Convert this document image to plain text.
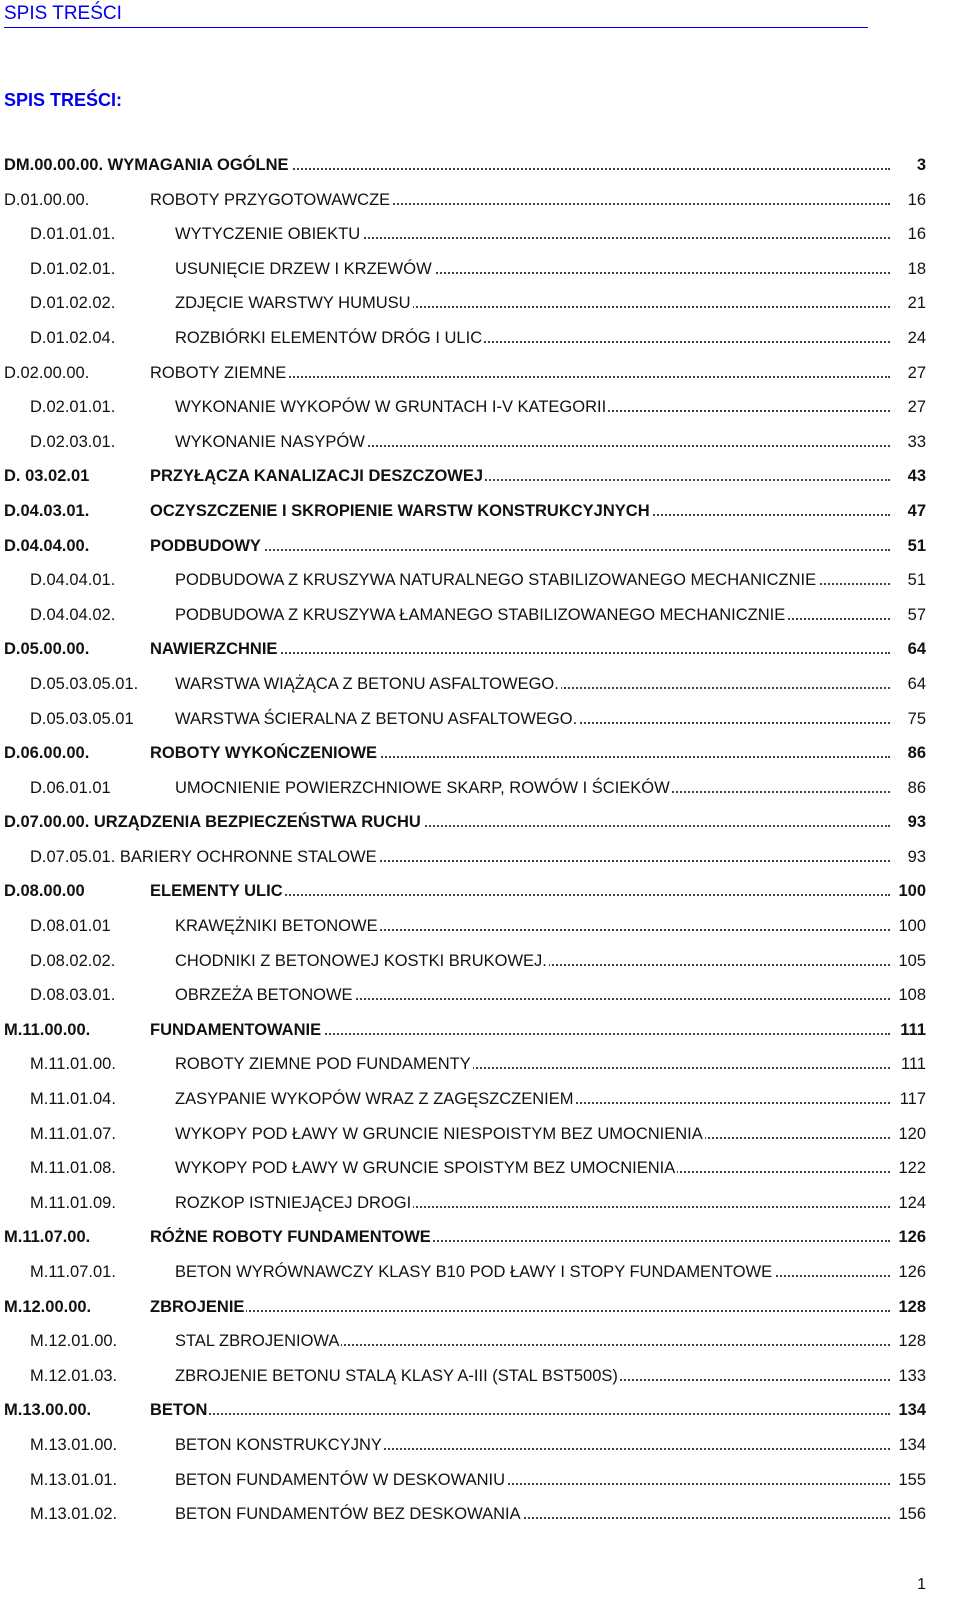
SPIS TREŚCI
SPIS TREŚCI:
DM.00.00.00. WYMAGANIA OGÓLNE	3
D.01.00.00.	ROBOTY PRZYGOTOWAWCZE	16
D.01.01.01.	WYTYCZENIE OBIEKTU	16
D.01.02.01.	USUNIĘCIE DRZEW I KRZEWÓW	18
D.01.02.02.	ZDJĘCIE WARSTWY HUMUSU	21
D.01.02.04.	ROZBIÓRKI ELEMENTÓW DRÓG I ULIC	24
D.02.00.00.	ROBOTY ZIEMNE	27
D.02.01.01.	WYKONANIE WYKOPÓW W GRUNTACH I-V KATEGORII	27
D.02.03.01.	WYKONANIE NASYPÓW	33
D. 03.02.01	PRZYŁĄCZA KANALIZACJI DESZCZOWEJ	43
D.04.03.01.	OCZYSZCZENIE I SKROPIENIE WARSTW KONSTRUKCYJNYCH	47
D.04.04.00.	PODBUDOWY	51
D.04.04.01.	PODBUDOWA Z KRUSZYWA NATURALNEGO STABILIZOWANEGO MECHANICZNIE	51
D.04.04.02.	PODBUDOWA Z KRUSZYWA ŁAMANEGO STABILIZOWANEGO MECHANICZNIE	57
D.05.00.00.	NAWIERZCHNIE	64
D.05.03.05.01. WARSTWA WIĄŻĄCA Z BETONU ASFALTOWEGO.	64
D.05.03.05.01	WARSTWA ŚCIERALNA Z BETONU ASFALTOWEGO.	75
D.06.00.00.	ROBOTY WYKOŃCZENIOWE	86
D.06.01.01	UMOCNIENIE POWIERZCHNIOWE SKARP, ROWÓW I ŚCIEKÓW	86
D.07.00.00. URZĄDZENIA BEZPIECZEŃSTWA RUCHU	93
D.07.05.01. BARIERY OCHRONNE STALOWE	93
D.08.00.00	ELEMENTY ULIC	100
D.08.01.01	KRAWĘŻNIKI BETONOWE	100
D.08.02.02.	CHODNIKI Z BETONOWEJ KOSTKI BRUKOWEJ.	105
D.08.03.01.	OBRZEŻA BETONOWE	108
M.11.00.00.	FUNDAMENTOWANIE	111
M.11.01.00.	ROBOTY ZIEMNE POD FUNDAMENTY	111
M.11.01.04.	ZASYPANIE WYKOPÓW WRAZ Z ZAGĘSZCZENIEM	117
M.11.01.07.	WYKOPY POD ŁAWY W GRUNCIE NIESPOISTYM BEZ UMOCNIENIA	120
M.11.01.08.	WYKOPY POD ŁAWY W GRUNCIE SPOISTYM BEZ UMOCNIENIA	122
M.11.01.09.	ROZKOP ISTNIEJĄCEJ DROGI	124
M.11.07.00.	RÓŻNE ROBOTY FUNDAMENTOWE	126
M.11.07.01.	BETON WYRÓWNAWCZY KLASY B10 POD ŁAWY I STOPY FUNDAMENTOWE	126
M.12.00.00.	ZBROJENIE	128
M.12.01.00.	STAL ZBROJENIOWA	128
M.12.01.03.	ZBROJENIE BETONU STALĄ KLASY A-III (STAL BST500S)	133
M.13.00.00.	BETON	134
M.13.01.00.	BETON KONSTRUKCYJNY	134
M.13.01.01.	BETON FUNDAMENTÓW W DESKOWANIU	155
M.13.01.02.	BETON FUNDAMENTÓW BEZ DESKOWANIA	156
1
